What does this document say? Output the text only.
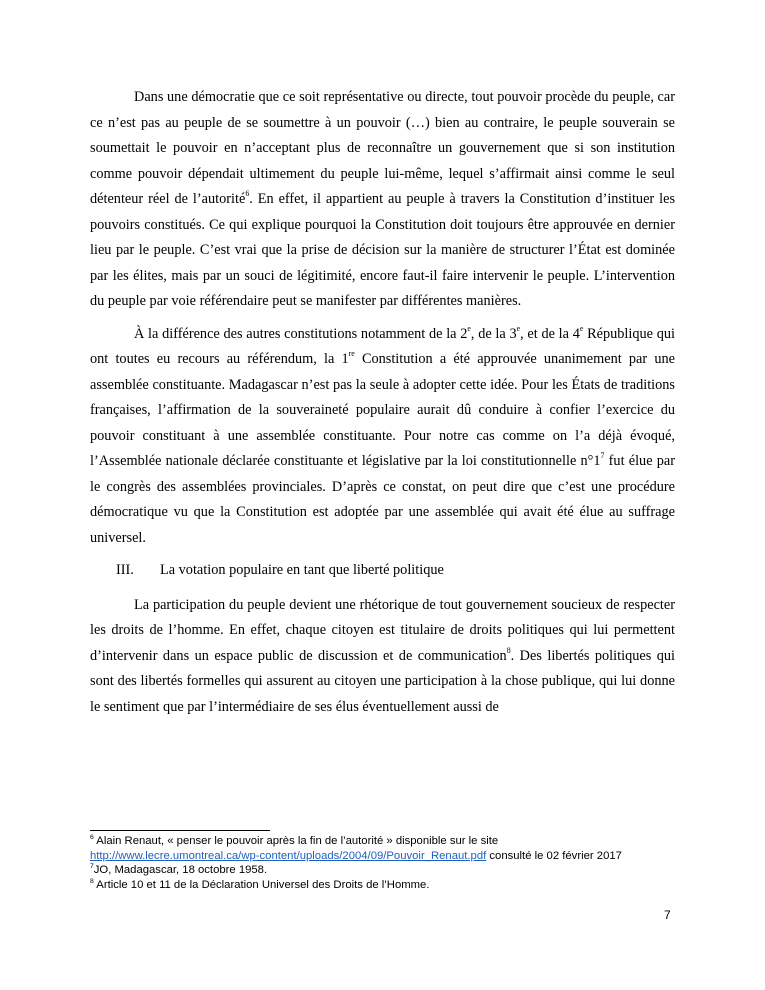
Dans une démocratie que ce soit représentative ou directe, tout pouvoir procède du peuple, car ce n’est pas au peuple de se soumettre à un pouvoir (…) bien au contraire, le peuple souverain se soumettait le pouvoir en n’acceptant plus de reconnaître un gouvernement que si son institution comme pouvoir dépendait ultimement du peuple lui-même, lequel s’affirmait ainsi comme le seul détenteur réel de l’autorité$^6$. En effet, il appartient au peuple à travers la Constitution d’instituer les pouvoirs constitués. Ce qui explique pourquoi la Constitution doit toujours être approuvée en dernier lieu par le peuple. C’est vrai que la prise de décision sur la manière de structurer l’État est dominée par les élites, mais par un souci de légitimité, encore faut-il faire intervenir le peuple. L’intervention du peuple par voie référendaire peut se manifester par différentes manières.

À la différence des autres constitutions notamment de la 2e, de la 3e, et de la 4e République qui ont toutes eu recours au référendum, la 1re Constitution a été approuvée unanimement par une assemblée constituante. Madagascar n’est pas la seule à adopter cette idée. Pour les États de traditions françaises, l’affirmation de la souveraineté populaire aurait dû conduire à confier l’exercice du pouvoir constituant à une assemblée constituante. Pour notre cas comme on l’a déjà évoqué, l’Assemblée nationale déclarée constituante et législative par la loi constitutionnelle $n^\circ 1^7$ fut élue par le congrès des assemblées provinciales. D’après ce constat, on peut dire que c’est une procédure démocratique vu que la Constitution est adoptée par une assemblée qui avait été élue au suffrage universel.

III. La votation populaire en tant que liberté politique

La participation du peuple devient une rhétorique de tout gouvernement soucieux de respecter les droits de l’homme. En effet, chaque citoyen est titulaire de droits politiques qui lui permettent d’intervenir dans un espace public de discussion et de communication$^8$. Des libertés politiques qui sont des libertés formelles qui assurent au citoyen une participation à la chose publique, qui lui donne le sentiment que par l’intermédiaire de ses élus éventuellement aussi de

$^6$ Alain Renaut, « penser le pouvoir après la fin de l’autorité » disponible sur le site
http://www.lecre.umontreal.ca/wp-content/uploads/2004/09/Pouvoir_Renaut.pdf consulté le 02 février 2017
$^7$JO, Madagascar, 18 octobre 1958.
$^8$ Article 10 et 11 de la Déclaration Universel des Droits de l’Homme.
7
